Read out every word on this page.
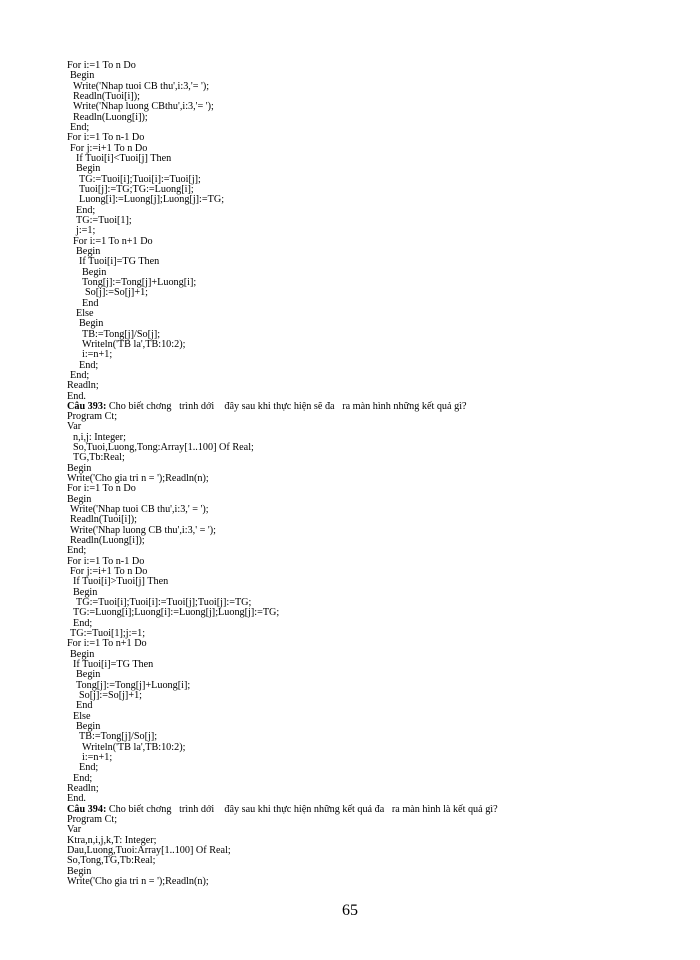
For i:=1 To n Do
Begin
Write('Nhap tuoi CB thu',i:3,'= ');
Readln(Tuoi[i]);
Write('Nhap luong CBthu',i:3,'= ');
Readln(Luong[i]);
End;
For i:=1 To n-1 Do
For j:=i+1 To n Do
If Tuoi[i]<Tuoi[j] Then
Begin
TG:=Tuoi[i];Tuoi[i]:=Tuoi[j];
Tuoi[j]:=TG;TG:=Luong[i];
Luong[i]:=Luong[j];Luong[j]:=TG;
End;
TG:=Tuoi[1];
j:=1;
For i:=1 To n+1 Do
Begin
If Tuoi[i]=TG Then
Begin
Tong[j]:=Tong[j]+Luong[i];
So[j]:=So[j]+1;
End
Else
Begin
TB:=Tong[j]/So[j];
Writeln('TB la',TB:10:2);
i:=n+1;
End;
End;
Readln;
End.
Câu 393: Cho biết chơng   trình dới    đây sau khi thực hiện sẽ đa   ra màn hình những kết quả gì?
Program Ct;
Var
n,i,j: Integer;
So,Tuoi,Luong,Tong:Array[1..100] Of Real;
TG,Tb:Real;
Begin
Write('Cho gia tri n = ');Readln(n);
For i:=1 To n Do
Begin
Write('Nhap tuoi CB thu',i:3,' = ');
Readln(Tuoi[i]);
Write('Nhap luong CB thu',i:3,' = ');
Readln(Luong[i]);
End;
For i:=1 To n-1 Do
For j:=i+1 To n Do
If Tuoi[i]>Tuoi[j] Then
Begin
TG:=Tuoi[i];Tuoi[i]:=Tuoi[j];Tuoi[j]:=TG;
TG:=Luong[i];Luong[i]:=Luong[j];Luong[j]:=TG;
End;
TG:=Tuoi[1];j:=1;
For i:=1 To n+1 Do
Begin
If Tuoi[i]=TG Then
Begin
Tong[j]:=Tong[j]+Luong[i];
So[j]:=So[j]+1;
End
Else
Begin
TB:=Tong[j]/So[j];
Writeln('TB la',TB:10:2);
i:=n+1;
End;
End;
Readln;
End.
Câu 394: Cho biết chơng   trình dới    đây sau khi thực hiện những kết quả đa   ra màn hình là kết quả gì?
Program Ct;
Var
Ktra,n,i,j,k,T: Integer;
Dau,Luong,Tuoi:Array[1..100] Of Real;
So,Tong,TG,Tb:Real;
Begin
Write('Cho gia tri n = ');Readln(n);
65
